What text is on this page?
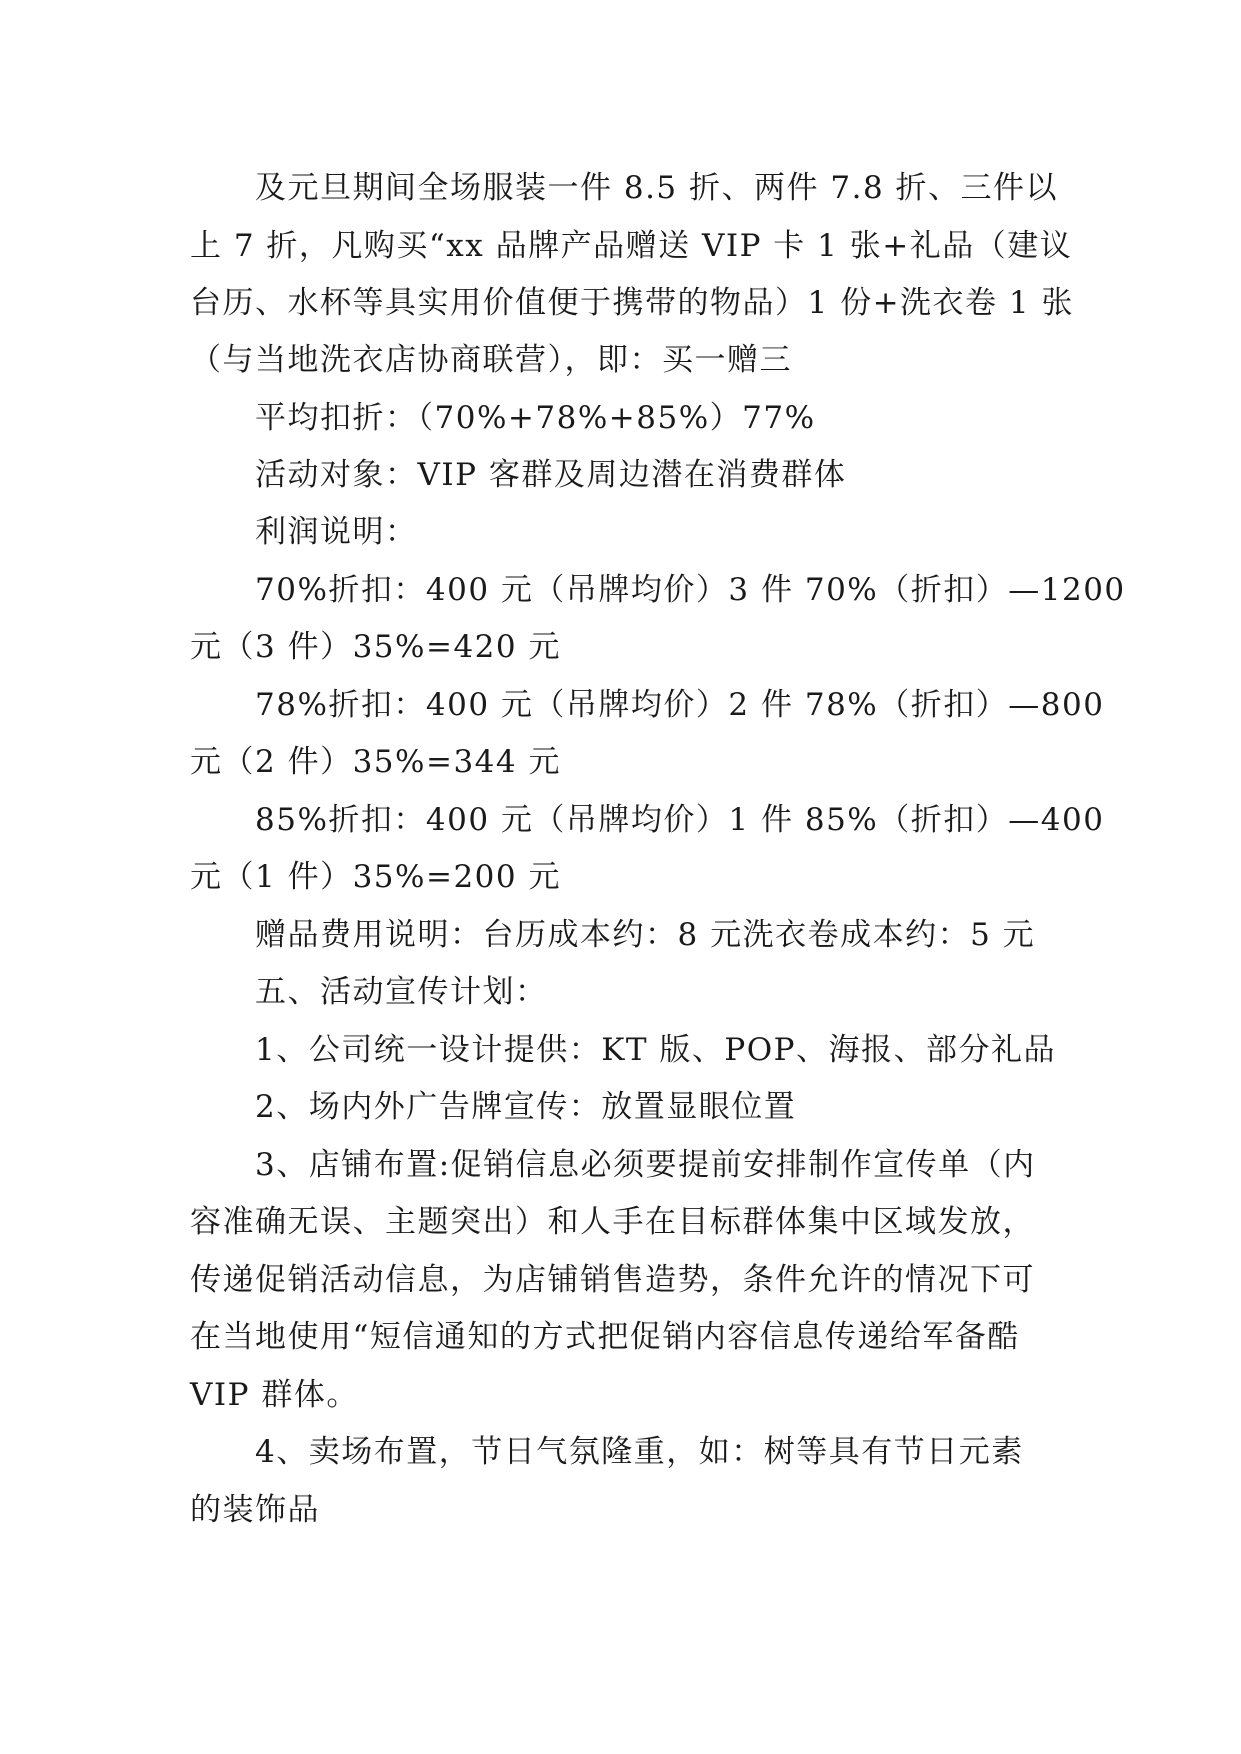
及元旦期间全场服装一件 8.5 折、两件 7.8 折、三件以
上 7 折，凡购买“xx 品牌产品赠送 VIP 卡 1 张+礼品（建议
台历、水杯等具实用价值便于携带的物品）1 份+洗衣卷 1 张
（与当地洗衣店协商联营），即：买一赠三
平均扣折：（70%+78%+85%）77%
活动对象：VIP 客群及周边潜在消费群体
利润说明：
70%折扣：400 元（吊牌均价）3 件 70%（折扣）—1200
元（3 件）35%=420 元
78%折扣：400 元（吊牌均价）2 件 78%（折扣）—800
元（2 件）35%=344 元
85%折扣：400 元（吊牌均价）1 件 85%（折扣）—400
元（1 件）35%=200 元
赠品费用说明：台历成本约：8 元洗衣卷成本约：5 元
五、活动宣传计划：
1、公司统一设计提供：KT 版、POP、海报、部分礼品
2、场内外广告牌宣传：放置显眼位置
3、店铺布置:促销信息必须要提前安排制作宣传单（内
容准确无误、主题突出）和人手在目标群体集中区域发放，
传递促销活动信息，为店铺销售造势，条件允许的情况下可
在当地使用“短信通知的方式把促销内容信息传递给军备酷
VIP 群体。
4、卖场布置，节日气氛隆重，如：树等具有节日元素
的装饰品
